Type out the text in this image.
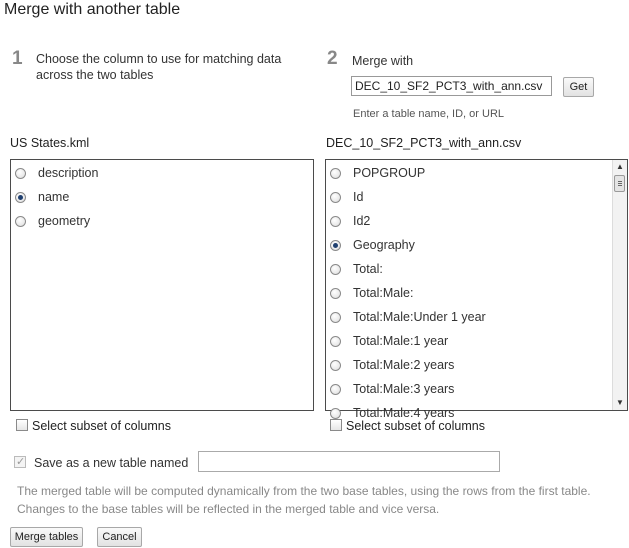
Merge with another table
1 Choose the column to use for matching data across the two tables
2 Merge with
DEC_10_SF2_PCT3_with_ann.csv	Get
Enter a table name, ID, or URL
US States.kml	DEC_10_SF2_PCT3_with_ann.csv
description
name
geometry
POPGROUP
Id
Id2
Geography
Total:
Total:Male:
Total:Male:Under 1 year
Total:Male:1 year
Total:Male:2 years
Total:Male:3 years
Total:Male:4 years
▲
▼
Select subset of columns	Select subset of columns
✓
Save as a new table named
The merged table will be computed dynamically from the two base tables, using the rows from the first table. Changes to the base tables will be reflected in the merged table and vice versa.
Merge tables	Cancel
